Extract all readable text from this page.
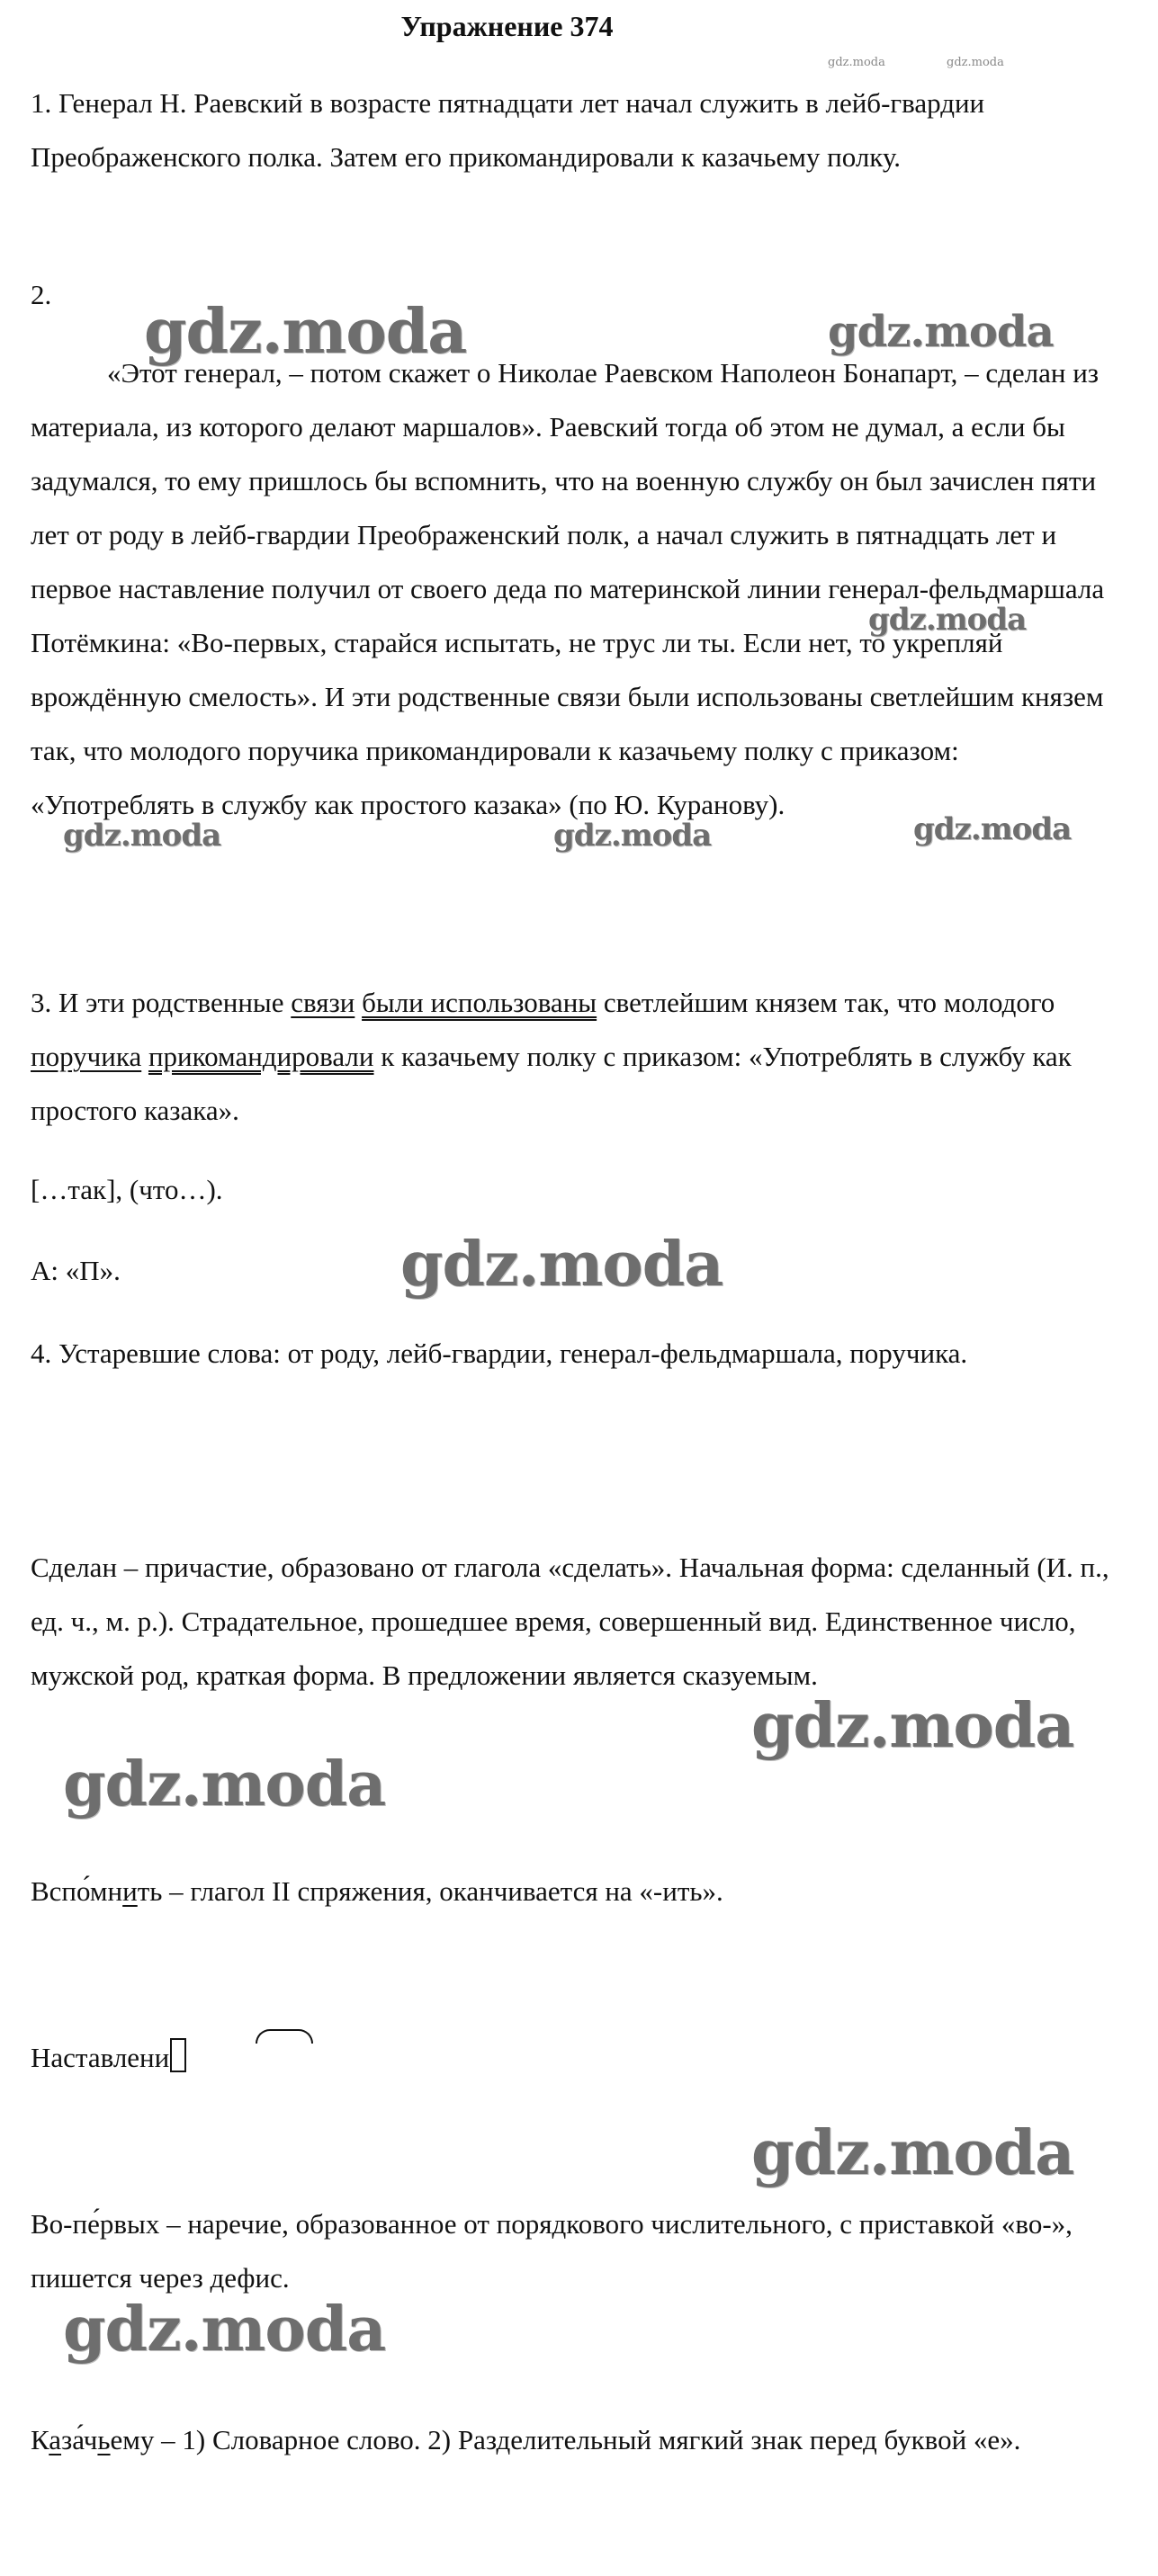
Упражнение 374
gdz.moda	gdz.moda
gdz.moda	gdz.moda
gdz.moda
gdz.moda	gdz.moda	gdz.moda
gdz.moda
gdz.moda
gdz.moda
gdz.moda
gdz.moda

1. Генерал Н. Раевский в возрасте пятнадцати лет начал служить в лейб-гвардии Преображенского полка. Затем его прикомандировали к казачьему полку.

2.

«Этот генерал, – потом скажет о Николае Раевском Наполеон Бонапарт, – сделан из материала, из которого делают маршалов». Раевский тогда об этом не думал, а если бы задумался, то ему пришлось бы вспомнить, что на военную службу он был зачислен пяти лет от роду в лейб-гвардии Преображенский полк, а начал служить в пятнадцать лет и первое наставление получил от своего деда по материнской линии генерал-фельдмаршала Потёмкина: «Во-первых, старайся испытать, не трус ли ты. Если нет, то укрепляй врождённую смелость». И эти родственные связи были использованы светлейшим князем так, что молодого поручика прикомандировали к казачьему полку с приказом: «Употреблять в службу как простого казака» (по Ю. Куранову).

3. И эти родственные связи были использованы светлейшим князем так, что молодого поручика прикомандировали к казачьему полку с приказом: «Употреблять в службу как простого казака».

[…так], (что…).

А: «П».

4. Устаревшие слова: от роду, лейб-гвардии, генерал-фельдмаршала, поручика.

Сделан – причастие, образовано от глагола «сделать». Начальная форма: сделанный (И. п., ед. ч., м. р.). Страдательное, прошедшее время, совершенный вид. Единственное число, мужской род, краткая форма. В предложении является сказуемым.

Вспо́мнить – глагол II спряжения, оканчивается на «-ить».

Наставлени

Во-пе́рвых – наречие, образованное от порядкового числительного, с приставкой «во-», пишется через дефис.

Каза́чьему – 1) Словарное слово. 2) Разделительный мягкий знак перед буквой «е».
